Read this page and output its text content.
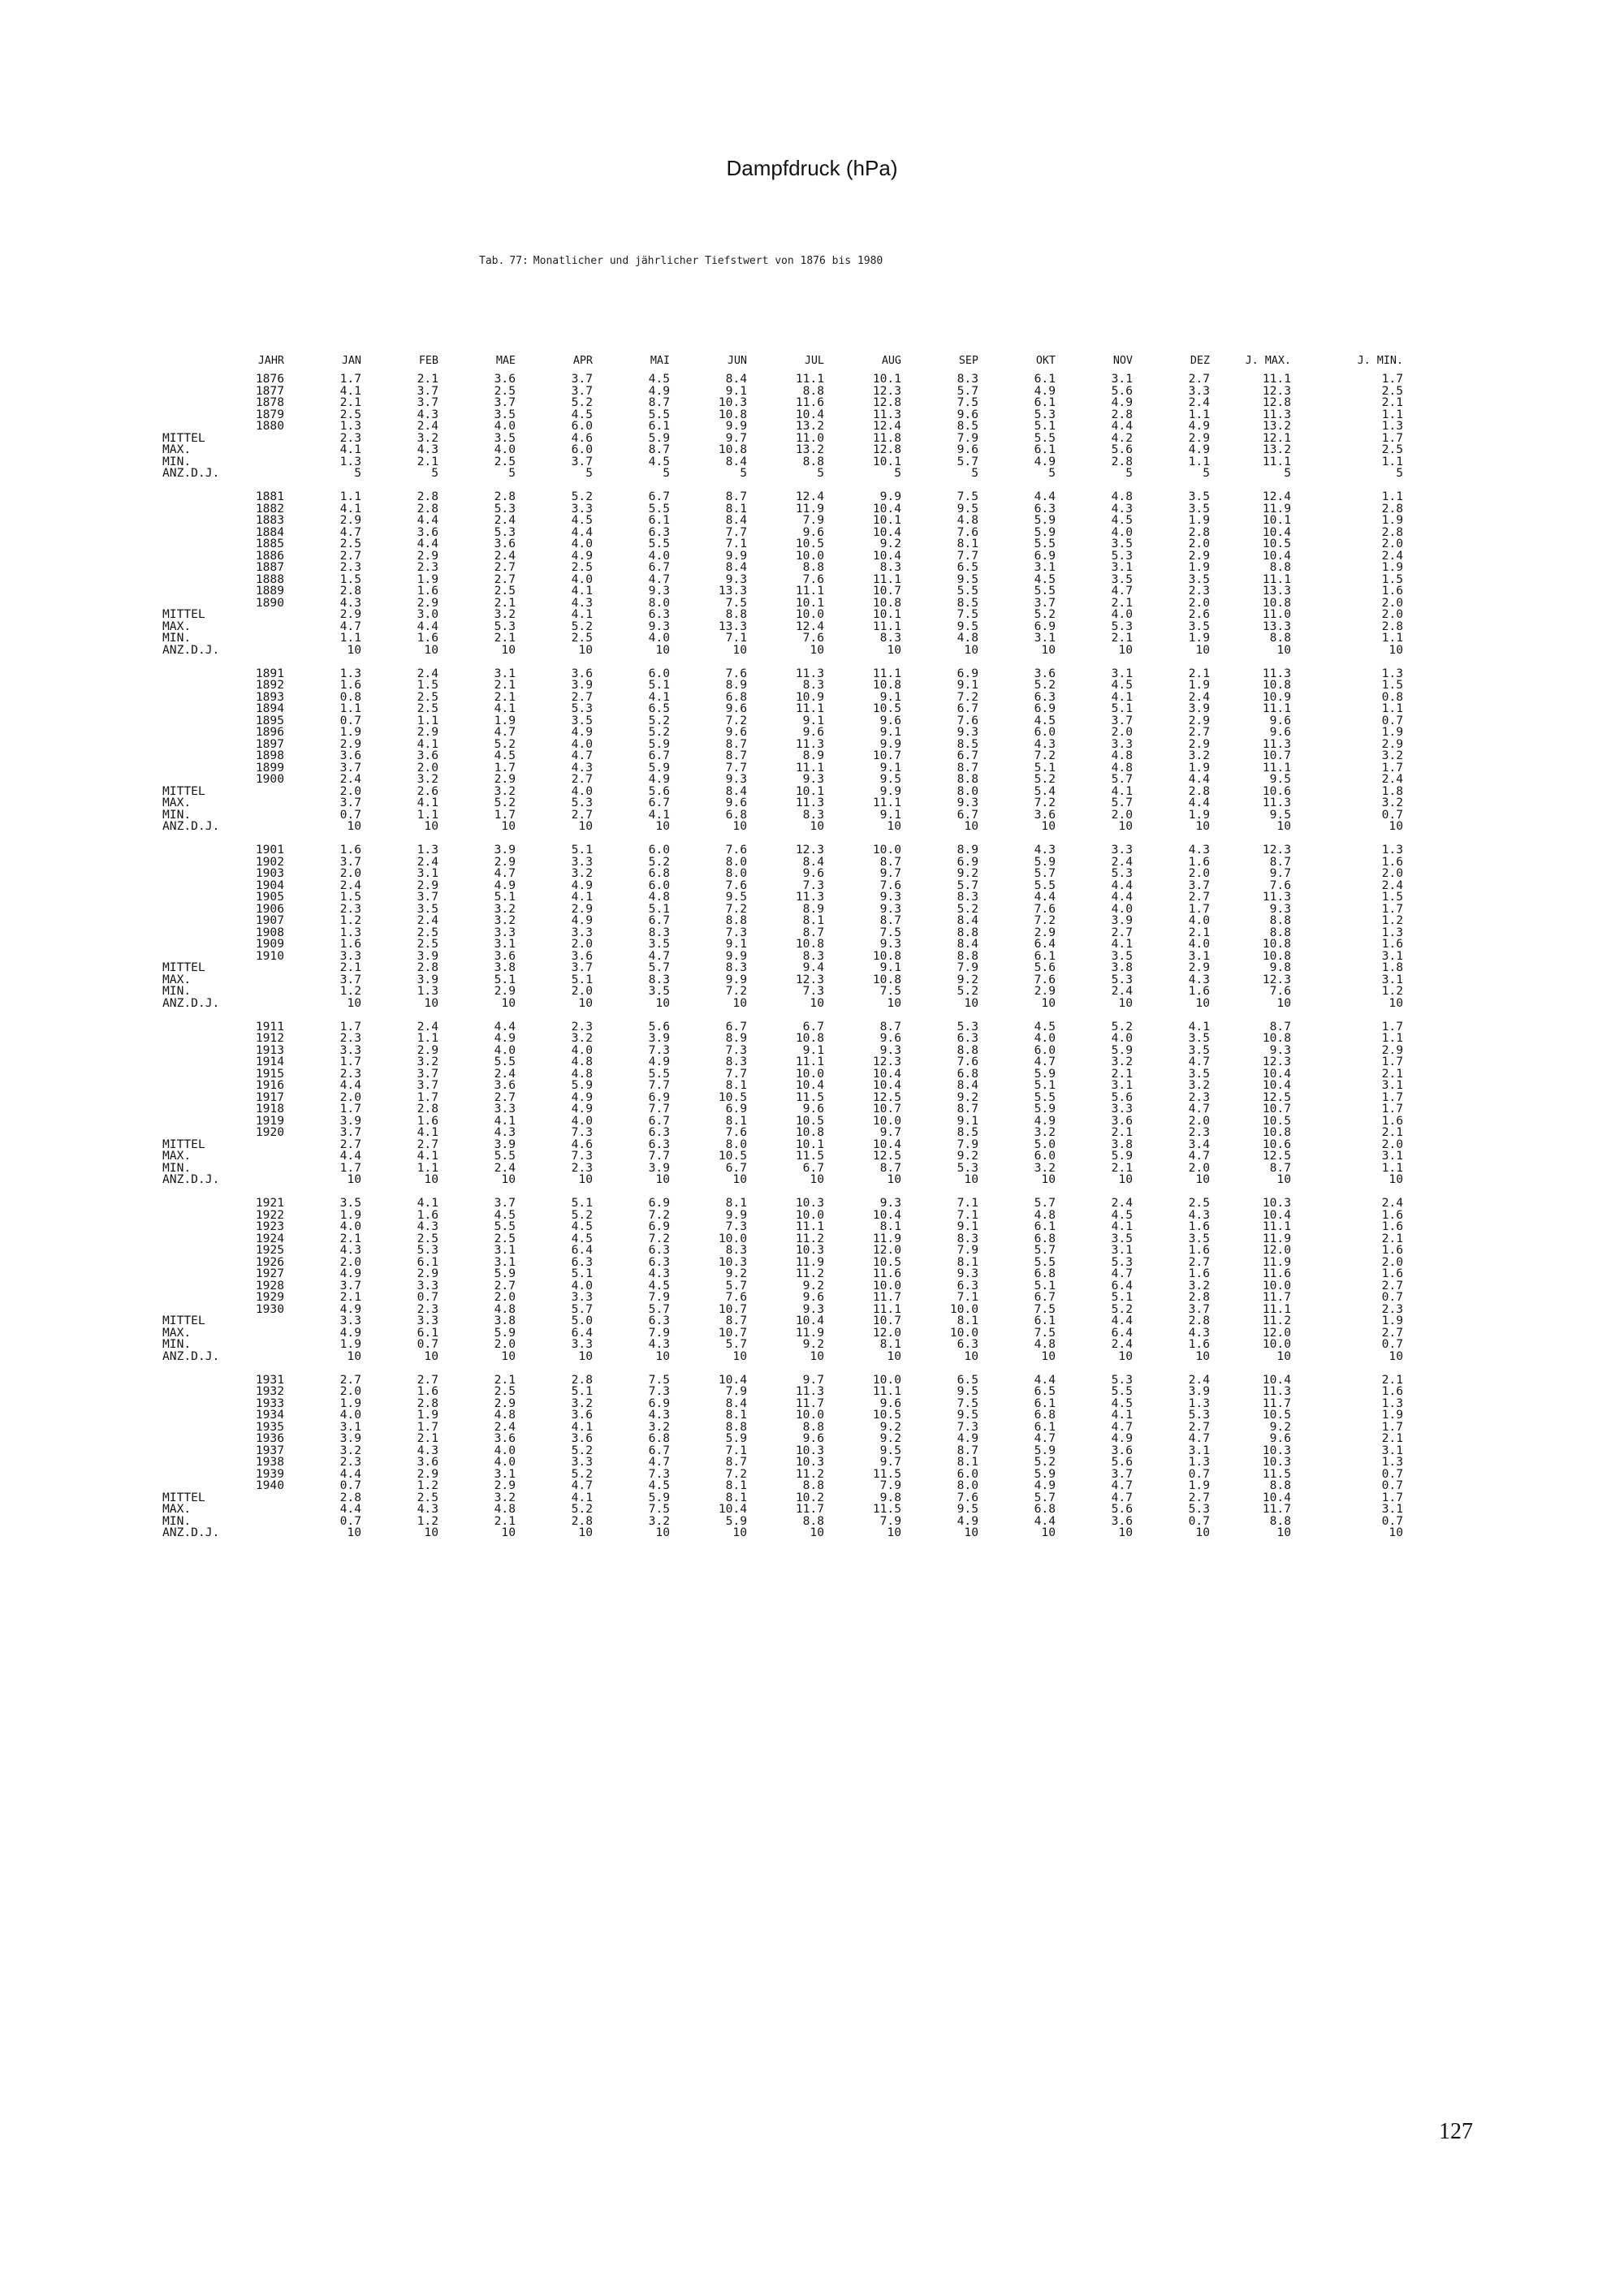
Dampfdruck (hPa)
Tab. 77: Monatlicher und jährlicher Tiefstwert von 1876 bis 1980
	JAHR	JAN	FEB	MAE	APR	MAI	JUN	JUL	AUG	SEP	OKT	NOV	DEZ	J. MAX.	J. MIN.
	1876	1.7	2.1	3.6	3.7	4.5	8.4	11.1	10.1	8.3	6.1	3.1	2.7	11.1	1.7
	1877	4.1	3.7	2.5	3.7	4.9	9.1	8.8	12.3	5.7	4.9	5.6	3.3	12.3	2.5
	1878	2.1	3.7	3.7	5.2	8.7	10.3	11.6	12.8	7.5	6.1	4.9	2.4	12.8	2.1
	1879	2.5	4.3	3.5	4.5	5.5	10.8	10.4	11.3	9.6	5.3	2.8	1.1	11.3	1.1
	1880	1.3	2.4	4.0	6.0	6.1	9.9	13.2	12.4	8.5	5.1	4.4	4.9	13.2	1.3
MITTEL		2.3	3.2	3.5	4.6	5.9	9.7	11.0	11.8	7.9	5.5	4.2	2.9	12.1	1.7
MAX.		4.1	4.3	4.0	6.0	8.7	10.8	13.2	12.8	9.6	6.1	5.6	4.9	13.2	2.5
MIN.		1.3	2.1	2.5	3.7	4.5	8.4	8.8	10.1	5.7	4.9	2.8	1.1	11.1	1.1
ANZ.D.J.		5	5	5	5	5	5	5	5	5	5	5	5	5	5

	1881	1.1	2.8	2.8	5.2	6.7	8.7	12.4	9.9	7.5	4.4	4.8	3.5	12.4	1.1
	1882	4.1	2.8	5.3	3.3	5.5	8.1	11.9	10.4	9.5	6.3	4.3	3.5	11.9	2.8
	1883	2.9	4.4	2.4	4.5	6.1	8.4	7.9	10.1	4.8	5.9	4.5	1.9	10.1	1.9
	1884	4.7	3.6	5.3	4.4	6.3	7.7	9.6	10.4	7.6	5.9	4.0	2.8	10.4	2.8
	1885	2.5	4.4	3.6	4.0	5.5	7.1	10.5	9.2	8.1	5.5	3.5	2.0	10.5	2.0
	1886	2.7	2.9	2.4	4.9	4.0	9.9	10.0	10.4	7.7	6.9	5.3	2.9	10.4	2.4
	1887	2.3	2.3	2.7	2.5	6.7	8.4	8.8	8.3	6.5	3.1	3.1	1.9	8.8	1.9
	1888	1.5	1.9	2.7	4.0	4.7	9.3	7.6	11.1	9.5	4.5	3.5	3.5	11.1	1.5
	1889	2.8	1.6	2.5	4.1	9.3	13.3	11.1	10.7	5.5	5.5	4.7	2.3	13.3	1.6
	1890	4.3	2.9	2.1	4.3	8.0	7.5	10.1	10.8	8.5	3.7	2.1	2.0	10.8	2.0
MITTEL		2.9	3.0	3.2	4.1	6.3	8.8	10.0	10.1	7.5	5.2	4.0	2.6	11.0	2.0
MAX.		4.7	4.4	5.3	5.2	9.3	13.3	12.4	11.1	9.5	6.9	5.3	3.5	13.3	2.8
MIN.		1.1	1.6	2.1	2.5	4.0	7.1	7.6	8.3	4.8	3.1	2.1	1.9	8.8	1.1
ANZ.D.J.		10	10	10	10	10	10	10	10	10	10	10	10	10	10

	1891	1.3	2.4	3.1	3.6	6.0	7.6	11.3	11.1	6.9	3.6	3.1	2.1	11.3	1.3
	1892	1.6	1.5	2.1	3.9	5.1	8.9	8.3	10.8	9.1	5.2	4.5	1.9	10.8	1.5
	1893	0.8	2.5	2.1	2.7	4.1	6.8	10.9	9.1	7.2	6.3	4.1	2.4	10.9	0.8
	1894	1.1	2.5	4.1	5.3	6.5	9.6	11.1	10.5	6.7	6.9	5.1	3.9	11.1	1.1
	1895	0.7	1.1	1.9	3.5	5.2	7.2	9.1	9.6	7.6	4.5	3.7	2.9	9.6	0.7
	1896	1.9	2.9	4.7	4.9	5.2	9.6	9.6	9.1	9.3	6.0	2.0	2.7	9.6	1.9
	1897	2.9	4.1	5.2	4.0	5.9	8.7	11.3	9.9	8.5	4.3	3.3	2.9	11.3	2.9
	1898	3.6	3.6	4.5	4.7	6.7	8.7	8.9	10.7	6.7	7.2	4.8	3.2	10.7	3.2
	1899	3.7	2.0	1.7	4.3	5.9	7.7	11.1	9.1	8.7	5.1	4.8	1.9	11.1	1.7
	1900	2.4	3.2	2.9	2.7	4.9	9.3	9.3	9.5	8.8	5.2	5.7	4.4	9.5	2.4
MITTEL		2.0	2.6	3.2	4.0	5.6	8.4	10.1	9.9	8.0	5.4	4.1	2.8	10.6	1.8
MAX.		3.7	4.1	5.2	5.3	6.7	9.6	11.3	11.1	9.3	7.2	5.7	4.4	11.3	3.2
MIN.		0.7	1.1	1.7	2.7	4.1	6.8	8.3	9.1	6.7	3.6	2.0	1.9	9.5	0.7
ANZ.D.J.		10	10	10	10	10	10	10	10	10	10	10	10	10	10

	1901	1.6	1.3	3.9	5.1	6.0	7.6	12.3	10.0	8.9	4.3	3.3	4.3	12.3	1.3
	1902	3.7	2.4	2.9	3.3	5.2	8.0	8.4	8.7	6.9	5.9	2.4	1.6	8.7	1.6
	1903	2.0	3.1	4.7	3.2	6.8	8.0	9.6	9.7	9.2	5.7	5.3	2.0	9.7	2.0
	1904	2.4	2.9	4.9	4.9	6.0	7.6	7.3	7.6	5.7	5.5	4.4	3.7	7.6	2.4
	1905	1.5	3.7	5.1	4.1	4.8	9.5	11.3	9.3	8.3	4.4	4.4	2.7	11.3	1.5
	1906	2.3	3.5	3.2	2.9	5.1	7.2	8.9	9.3	5.2	7.6	4.0	1.7	9.3	1.7
	1907	1.2	2.4	3.2	4.9	6.7	8.8	8.1	8.7	8.4	7.2	3.9	4.0	8.8	1.2
	1908	1.3	2.5	3.3	3.3	8.3	7.3	8.7	7.5	8.8	2.9	2.7	2.1	8.8	1.3
	1909	1.6	2.5	3.1	2.0	3.5	9.1	10.8	9.3	8.4	6.4	4.1	4.0	10.8	1.6
	1910	3.3	3.9	3.6	3.6	4.7	9.9	8.3	10.8	8.8	6.1	3.5	3.1	10.8	3.1
MITTEL		2.1	2.8	3.8	3.7	5.7	8.3	9.4	9.1	7.9	5.6	3.8	2.9	9.8	1.8
MAX.		3.7	3.9	5.1	5.1	8.3	9.9	12.3	10.8	9.2	7.6	5.3	4.3	12.3	3.1
MIN.		1.2	1.3	2.9	2.0	3.5	7.2	7.3	7.5	5.2	2.9	2.4	1.6	7.6	1.2
ANZ.D.J.		10	10	10	10	10	10	10	10	10	10	10	10	10	10

	1911	1.7	2.4	4.4	2.3	5.6	6.7	6.7	8.7	5.3	4.5	5.2	4.1	8.7	1.7
	1912	2.3	1.1	4.9	3.2	3.9	8.9	10.8	9.6	6.3	4.0	4.0	3.5	10.8	1.1
	1913	3.3	2.9	4.0	4.0	7.3	7.3	9.1	9.3	8.8	6.0	5.9	3.5	9.3	2.9
	1914	1.7	3.2	5.5	4.8	4.9	8.3	11.1	12.3	7.6	4.7	3.2	4.7	12.3	1.7
	1915	2.3	3.7	2.4	4.8	5.5	7.7	10.0	10.4	6.8	5.9	2.1	3.5	10.4	2.1
	1916	4.4	3.7	3.6	5.9	7.7	8.1	10.4	10.4	8.4	5.1	3.1	3.2	10.4	3.1
	1917	2.0	1.7	2.7	4.9	6.9	10.5	11.5	12.5	9.2	5.5	5.6	2.3	12.5	1.7
	1918	1.7	2.8	3.3	4.9	7.7	6.9	9.6	10.7	8.7	5.9	3.3	4.7	10.7	1.7
	1919	3.9	1.6	4.1	4.0	6.7	8.1	10.5	10.0	9.1	4.9	3.6	2.0	10.5	1.6
	1920	3.7	4.1	4.3	7.3	6.3	7.6	10.8	9.7	8.5	3.2	2.1	2.3	10.8	2.1
MITTEL		2.7	2.7	3.9	4.6	6.3	8.0	10.1	10.4	7.9	5.0	3.8	3.4	10.6	2.0
MAX.		4.4	4.1	5.5	7.3	7.7	10.5	11.5	12.5	9.2	6.0	5.9	4.7	12.5	3.1
MIN.		1.7	1.1	2.4	2.3	3.9	6.7	6.7	8.7	5.3	3.2	2.1	2.0	8.7	1.1
ANZ.D.J.		10	10	10	10	10	10	10	10	10	10	10	10	10	10

	1921	3.5	4.1	3.7	5.1	6.9	8.1	10.3	9.3	7.1	5.7	2.4	2.5	10.3	2.4
	1922	1.9	1.6	4.5	5.2	7.2	9.9	10.0	10.4	7.1	4.8	4.5	4.3	10.4	1.6
	1923	4.0	4.3	5.5	4.5	6.9	7.3	11.1	8.1	9.1	6.1	4.1	1.6	11.1	1.6
	1924	2.1	2.5	2.5	4.5	7.2	10.0	11.2	11.9	8.3	6.8	3.5	3.5	11.9	2.1
	1925	4.3	5.3	3.1	6.4	6.3	8.3	10.3	12.0	7.9	5.7	3.1	1.6	12.0	1.6
	1926	2.0	6.1	3.1	6.3	6.3	10.3	11.9	10.5	8.1	5.5	5.3	2.7	11.9	2.0
	1927	4.9	2.9	5.9	5.1	4.3	9.2	11.2	11.6	9.3	6.8	4.7	1.6	11.6	1.6
	1928	3.7	3.3	2.7	4.0	4.5	5.7	9.2	10.0	6.3	5.1	6.4	3.2	10.0	2.7
	1929	2.1	0.7	2.0	3.3	7.9	7.6	9.6	11.7	7.1	6.7	5.1	2.8	11.7	0.7
	1930	4.9	2.3	4.8	5.7	5.7	10.7	9.3	11.1	10.0	7.5	5.2	3.7	11.1	2.3
MITTEL		3.3	3.3	3.8	5.0	6.3	8.7	10.4	10.7	8.1	6.1	4.4	2.8	11.2	1.9
MAX.		4.9	6.1	5.9	6.4	7.9	10.7	11.9	12.0	10.0	7.5	6.4	4.3	12.0	2.7
MIN.		1.9	0.7	2.0	3.3	4.3	5.7	9.2	8.1	6.3	4.8	2.4	1.6	10.0	0.7
ANZ.D.J.		10	10	10	10	10	10	10	10	10	10	10	10	10	10

	1931	2.7	2.7	2.1	2.8	7.5	10.4	9.7	10.0	6.5	4.4	5.3	2.4	10.4	2.1
	1932	2.0	1.6	2.5	5.1	7.3	7.9	11.3	11.1	9.5	6.5	5.5	3.9	11.3	1.6
	1933	1.9	2.8	2.9	3.2	6.9	8.4	11.7	9.6	7.5	6.1	4.5	1.3	11.7	1.3
	1934	4.0	1.9	4.8	3.6	4.3	8.1	10.0	10.5	9.5	6.8	4.1	5.3	10.5	1.9
	1935	3.1	1.7	2.4	4.1	3.2	8.8	8.8	9.2	7.3	6.1	4.7	2.7	9.2	1.7
	1936	3.9	2.1	3.6	3.6	6.8	5.9	9.6	9.2	4.9	4.7	4.9	4.7	9.6	2.1
	1937	3.2	4.3	4.0	5.2	6.7	7.1	10.3	9.5	8.7	5.9	3.6	3.1	10.3	3.1
	1938	2.3	3.6	4.0	3.3	4.7	8.7	10.3	9.7	8.1	5.2	5.6	1.3	10.3	1.3
	1939	4.4	2.9	3.1	5.2	7.3	7.2	11.2	11.5	6.0	5.9	3.7	0.7	11.5	0.7
	1940	0.7	1.2	2.9	4.7	4.5	8.1	8.8	7.9	8.0	4.9	4.7	1.9	8.8	0.7
MITTEL		2.8	2.5	3.2	4.1	5.9	8.1	10.2	9.8	7.6	5.7	4.7	2.7	10.4	1.7
MAX.		4.4	4.3	4.8	5.2	7.5	10.4	11.7	11.5	9.5	6.8	5.6	5.3	11.7	3.1
MIN.		0.7	1.2	2.1	2.8	3.2	5.9	8.8	7.9	4.9	4.4	3.6	0.7	8.8	0.7
ANZ.D.J.		10	10	10	10	10	10	10	10	10	10	10	10	10	10
127
